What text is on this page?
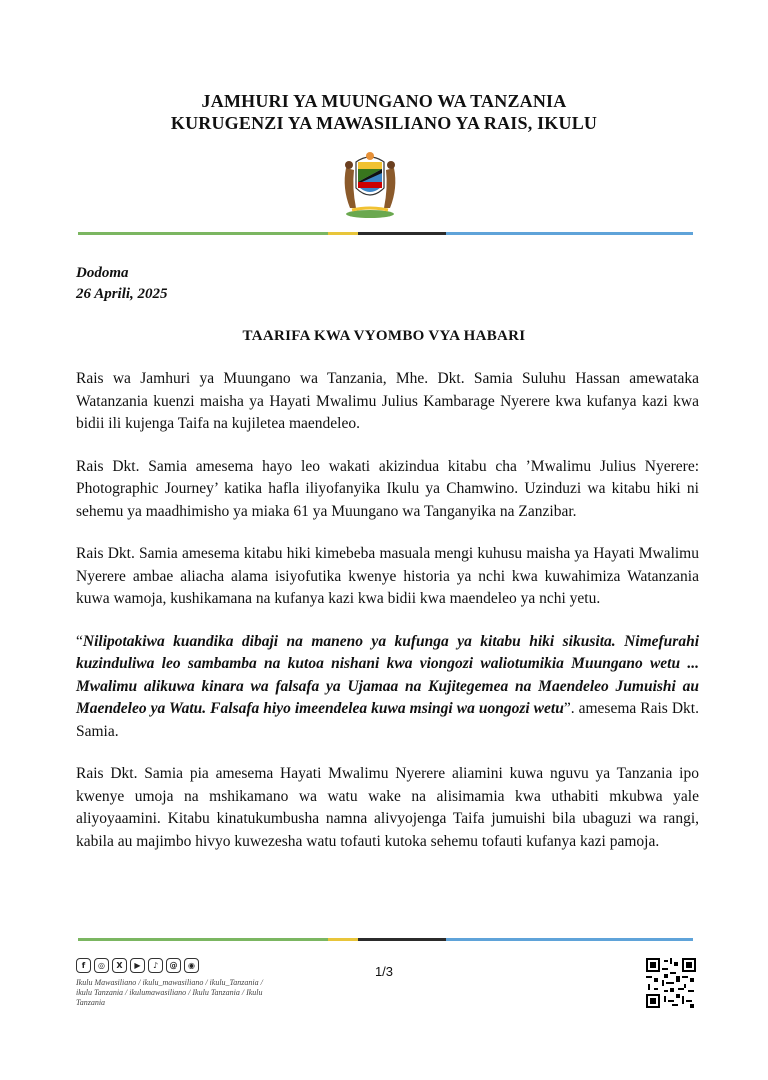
JAMHURI YA MUUNGANO WA TANZANIA
KURUGENZI YA MAWASILIANO YA RAIS, IKULU
Dodoma
26 Aprili, 2025
TAARIFA KWA VYOMBO VYA HABARI

Rais wa Jamhuri ya Muungano wa Tanzania, Mhe. Dkt. Samia Suluhu Hassan amewataka Watanzania kuenzi maisha ya Hayati Mwalimu Julius Kambarage Nyerere kwa kufanya kazi kwa bidii ili kujenga Taifa na kujiletea maendeleo.

Rais Dkt. Samia amesema hayo leo wakati akizindua kitabu cha ’Mwalimu Julius Nyerere: Photographic Journey’ katika hafla iliyofanyika Ikulu ya Chamwino. Uzinduzi wa kitabu hiki ni sehemu ya maadhimisho ya miaka 61 ya Muungano wa Tanganyika na Zanzibar.

Rais Dkt. Samia amesema kitabu hiki kimebeba masuala mengi kuhusu maisha ya Hayati Mwalimu Nyerere ambae aliacha alama isiyofutika kwenye historia ya nchi kwa kuwahimiza Watanzania kuwa wamoja, kushikamana na kufanya kazi kwa bidii kwa maendeleo ya nchi yetu.

“Nilipotakiwa kuandika dibaji na maneno ya kufunga ya kitabu hiki sikusita. Nimefurahi kuzinduliwa leo sambamba na kutoa nishani kwa viongozi waliotumikia Muungano wetu ... Mwalimu alikuwa kinara wa falsafa ya Ujamaa na Kujitegemea na Maendeleo Jumuishi au Maendeleo ya Watu. Falsafa hiyo imeendelea kuwa msingi wa uongozi wetu”. amesema Rais Dkt. Samia.

Rais Dkt. Samia pia amesema Hayati Mwalimu Nyerere aliamini kuwa nguvu ya Tanzania ipo kwenye umoja na mshikamano wa watu wake na alisimamia kwa uthabiti mkubwa yale aliyoyaamini. Kitabu kinatukumbusha namna alivyojenga Taifa jumuishi bila ubaguzi wa rangi, kabila au majimbo hivyo kuwezesha watu tofauti kutoka sehemu tofauti kufanya kazi pamoja.

f	◎	X	▶	♪	@	◉
Ikulu Mawasiliano / ikulu_mawasiliano / ikulu_Tanzania / ikulu Tanzania / ikulumawasiliano / Ikulu Tanzania / Ikulu Tanzania
1/3
